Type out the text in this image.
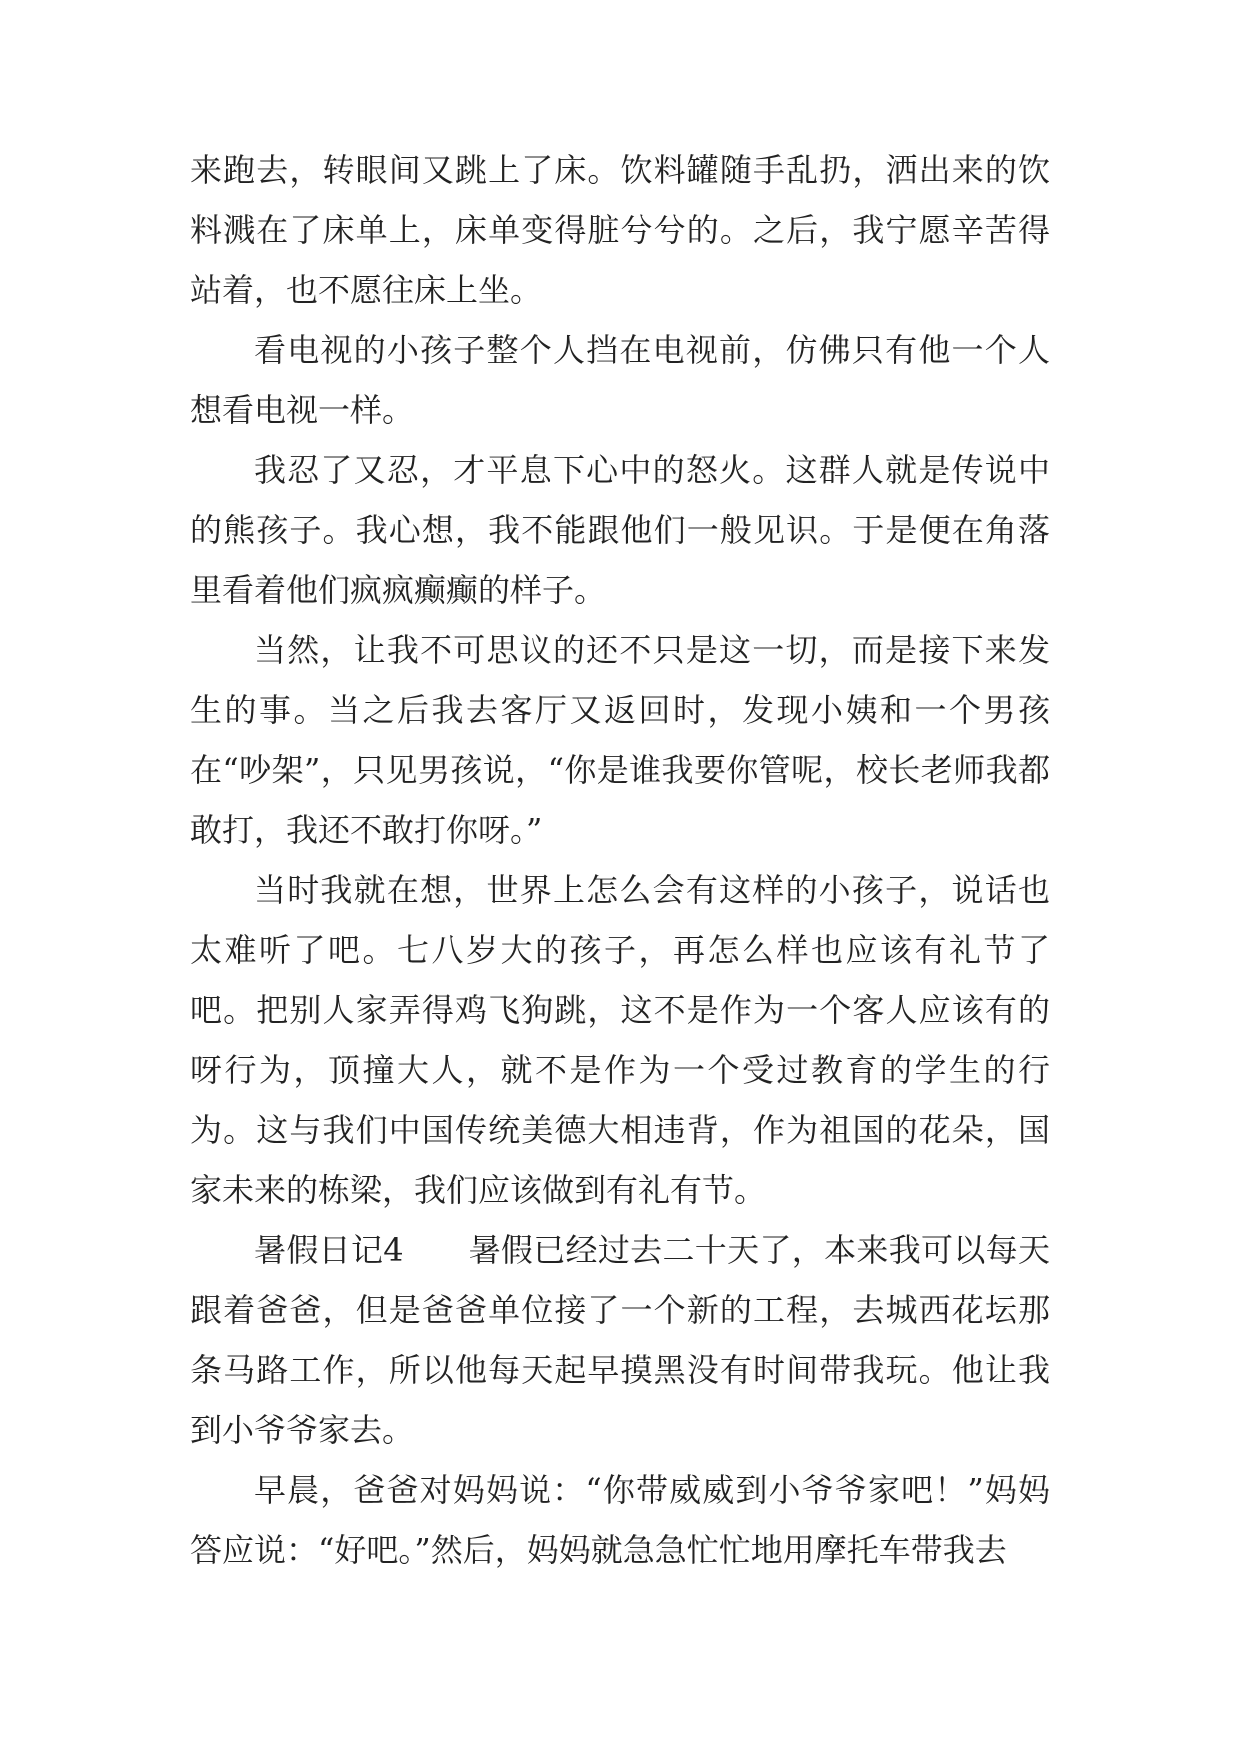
来跑去，转眼间又跳上了床。饮料罐随手乱扔，洒出来的饮料溅在了床单上，床单变得脏兮兮的。之后，我宁愿辛苦得站着，也不愿往床上坐。

看电视的小孩子整个人挡在电视前，仿佛只有他一个人想看电视一样。

我忍了又忍，才平息下心中的怒火。这群人就是传说中的熊孩子。我心想，我不能跟他们一般见识。于是便在角落里看着他们疯疯癫癫的样子。

当然，让我不可思议的还不只是这一切，而是接下来发生的事。当之后我去客厅又返回时，发现小姨和一个男孩在“吵架”，只见男孩说，“你是谁我要你管呢，校长老师我都敢打，我还不敢打你呀。”

当时我就在想，世界上怎么会有这样的小孩子，说话也太难听了吧。七八岁大的孩子，再怎么样也应该有礼节了吧。把别人家弄得鸡飞狗跳，这不是作为一个客人应该有的呀行为，顶撞大人，就不是作为一个受过教育的学生的行为。这与我们中国传统美德大相违背，作为祖国的花朵，国家未来的栋梁，我们应该做到有礼有节。

暑假日记4　　暑假已经过去二十天了，本来我可以每天跟着爸爸，但是爸爸单位接了一个新的工程，去城西花坛那条马路工作，所以他每天起早摸黑没有时间带我玩。他让我到小爷爷家去。

早晨，爸爸对妈妈说：“你带威威到小爷爷家吧！”妈妈答应说：“好吧。”然后，妈妈就急急忙忙地用摩托车带我去
